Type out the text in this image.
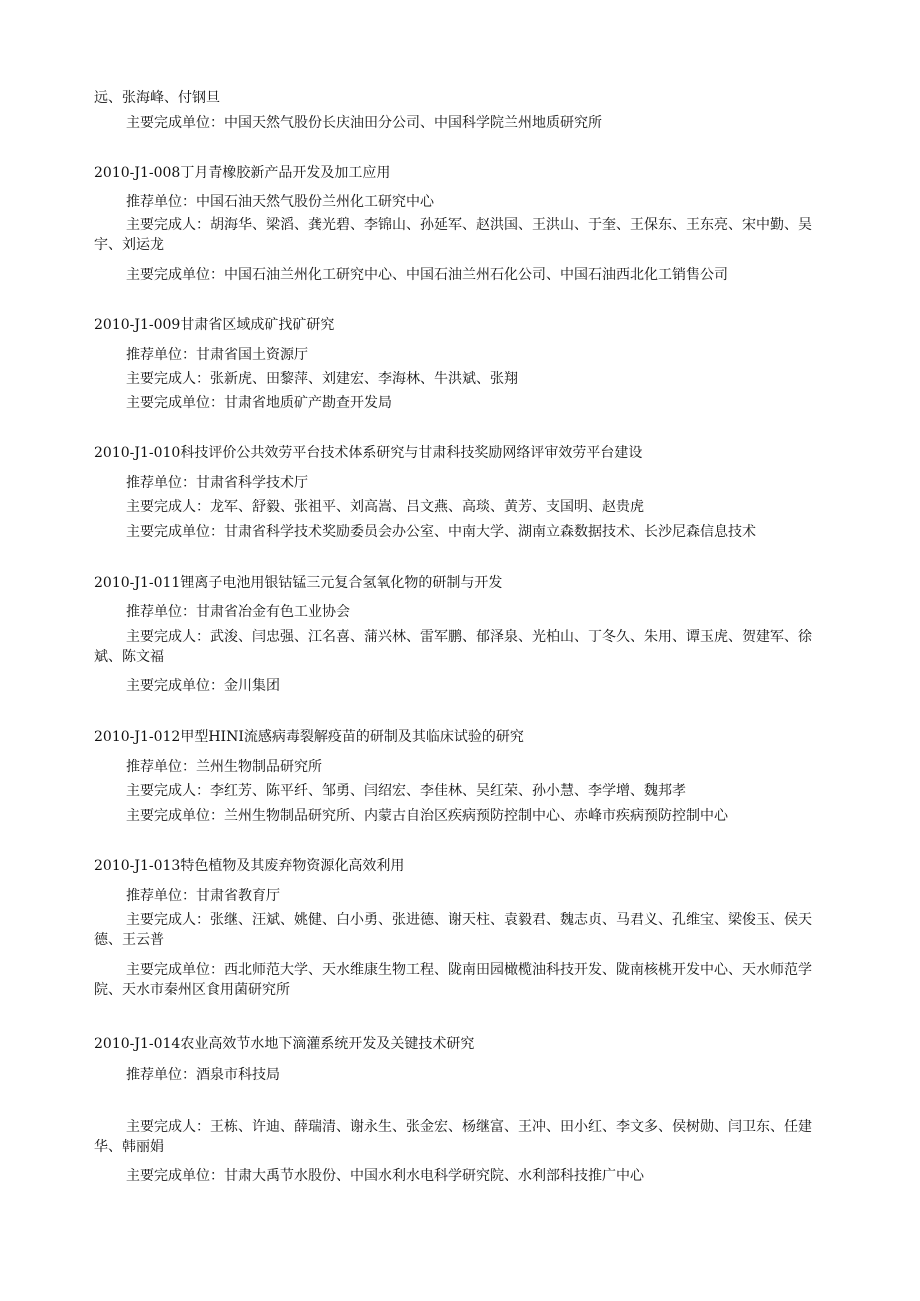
远、张海峰、付钢旦
主要完成单位：中国天然气股份长庆油田分公司、中国科学院兰州地质研究所
2010-J1-008丁月青橡胶新产品开发及加工应用
推荐单位：中国石油天然气股份兰州化工研究中心
主要完成人：胡海华、梁滔、龚光碧、李锦山、孙延军、赵洪国、王洪山、于奎、王保东、王东亮、宋中勤、吴宇、刘运龙
主要完成单位：中国石油兰州化工研究中心、中国石油兰州石化公司、中国石油西北化工销售公司
2010-J1-009甘肃省区域成矿找矿研究
推荐单位：甘肃省国土资源厅
主要完成人：张新虎、田黎萍、刘建宏、李海林、牛洪斌、张翔
主要完成单位：甘肃省地质矿产勘查开发局
2010-J1-010科技评价公共效劳平台技术体系研究与甘肃科技奖励网络评审效劳平台建设
推荐单位：甘肃省科学技术厅
主要完成人：龙军、舒毅、张祖平、刘高嵩、吕文燕、高琰、黄芳、支国明、赵贵虎
主要完成单位：甘肃省科学技术奖励委员会办公室、中南大学、湖南立森数据技术、长沙尼森信息技术
2010-J1-011锂离子电池用银钴锰三元复合氢氧化物的研制与开发
推荐单位：甘肃省冶金有色工业协会
主要完成人：武浚、闫忠强、江名喜、蒲兴林、雷军鹏、郁泽泉、光柏山、丁冬久、朱用、谭玉虎、贺建军、徐斌、陈文福
主要完成单位：金川集团
2010-J1-012甲型HINI流感病毒裂解疫苗的研制及其临床试验的研究
推荐单位：兰州生物制品研究所
主要完成人：李红芳、陈平纤、邹勇、闫绍宏、李佳林、吴红荣、孙小慧、李学增、魏邦孝
主要完成单位：兰州生物制品研究所、内蒙古自治区疾病预防控制中心、赤峰市疾病预防控制中心
2010-J1-013特色植物及其废弃物资源化高效利用
推荐单位：甘肃省教育厅
主要完成人：张继、汪斌、姚健、白小勇、张进德、谢天柱、袁毅君、魏志贞、马君义、孔维宝、梁俊玉、侯天德、王云普
主要完成单位：西北师范大学、天水维康生物工程、陇南田园橄榄油科技开发、陇南核桃开发中心、天水师范学院、天水市秦州区食用菌研究所
2010-J1-014农业高效节水地下滴灌系统开发及关键技术研究
推荐单位：酒泉市科技局
主要完成人：王栋、许迪、薛瑞清、谢永生、张金宏、杨继富、王冲、田小红、李文多、侯树勋、闫卫东、任建华、韩丽娟
主要完成单位：甘肃大禹节水股份、中国水利水电科学研究院、水利部科技推广中心
